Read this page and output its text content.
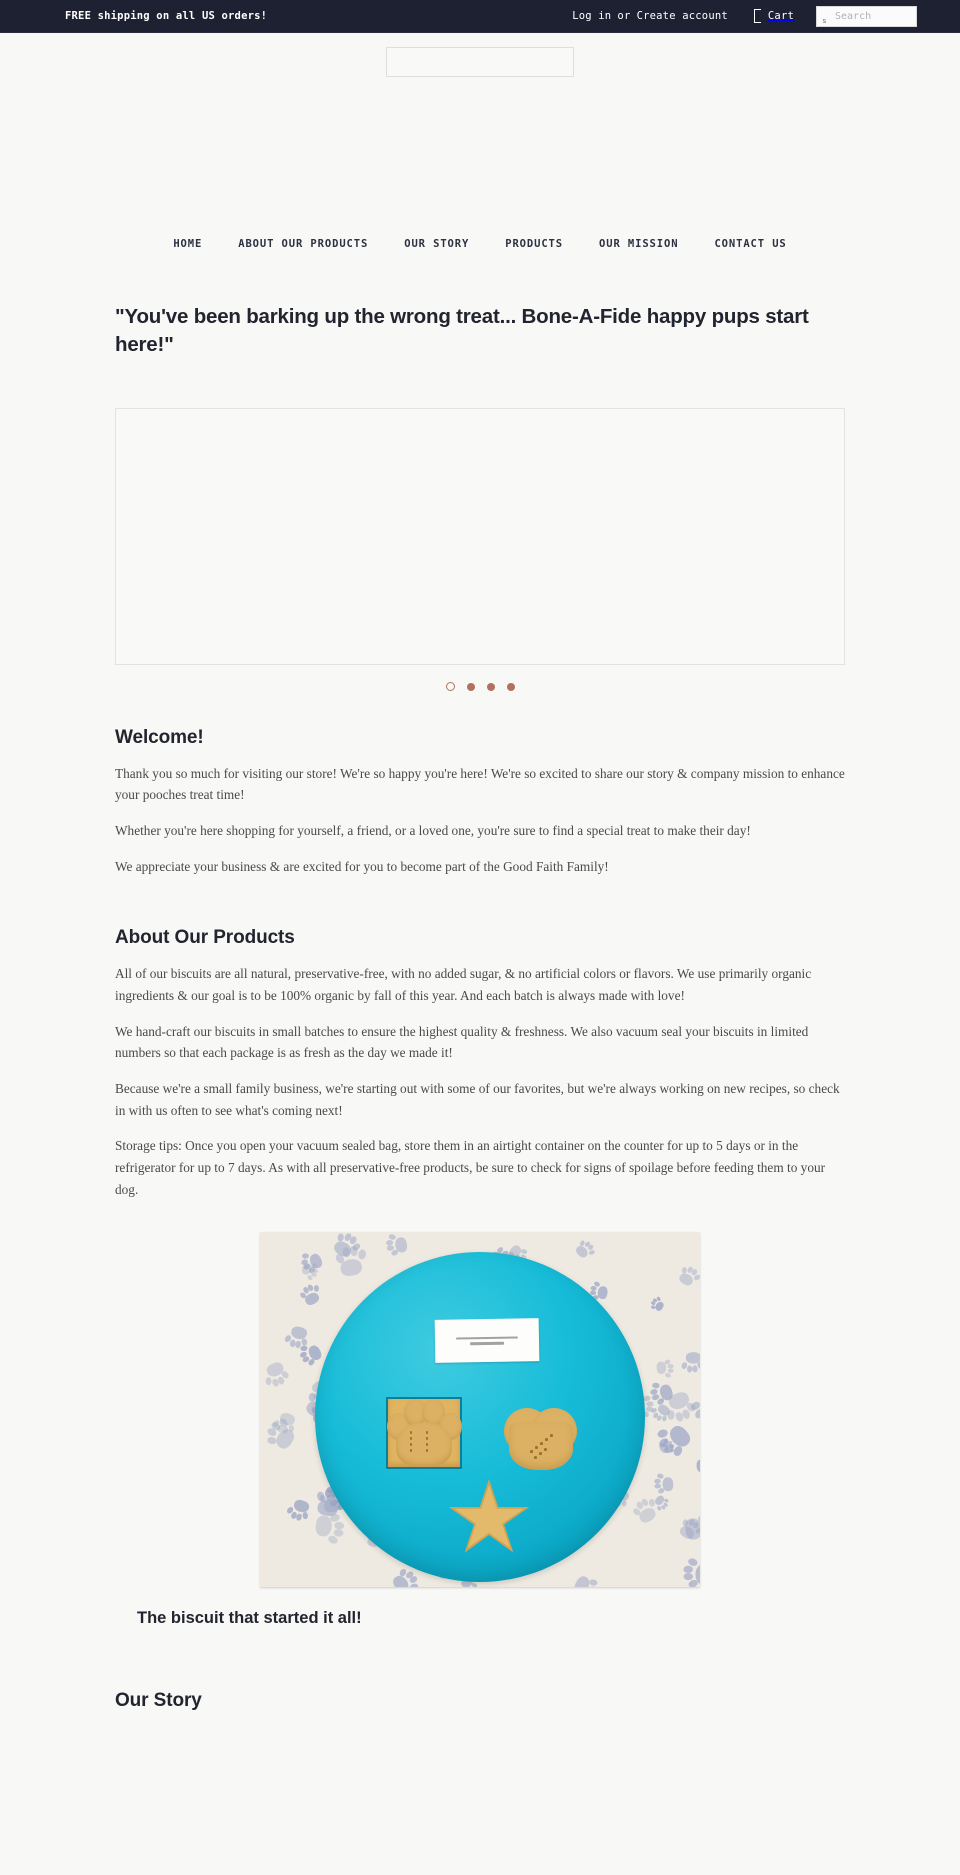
FREE shipping on all US orders!	Log in or Create account	Cart	s
Search
HOME	ABOUT OUR PRODUCTS	OUR STORY	PRODUCTS	OUR MISSION	CONTACT US
"You've been barking up the wrong treat... Bone-A-Fide happy pups start here!"
Welcome!

Thank you so much for visiting our store! We're so happy you're here! We're so excited to share our story & company mission to enhance your pooches treat time!

Whether you're here shopping for yourself, a friend, or a loved one, you're sure to find a special treat to make their day!

We appreciate your business & are excited for you to become part of the Good Faith Family!

About Our Products

All of our biscuits are all natural, preservative-free, with no added sugar, & no artificial colors or flavors. We use primarily organic ingredients & our goal is to be 100% organic by fall of this year. And each batch is always made with love!

We hand-craft our biscuits in small batches to ensure the highest quality & freshness. We also vacuum seal your biscuits in limited numbers so that each package is as fresh as the day we made it!

Because we're a small family business, we're starting out with some of our favorites, but we're always working on new recipes, so check in with us often to see what's coming next!

Storage tips: Once you open your vacuum sealed bag, store them in an airtight container on the counter for up to 5 days or in the refrigerator for up to 7 days. As with all preservative-free products, be sure to check for signs of spoilage before feeding them to your dog.

The biscuit that started it all!
Our Story
